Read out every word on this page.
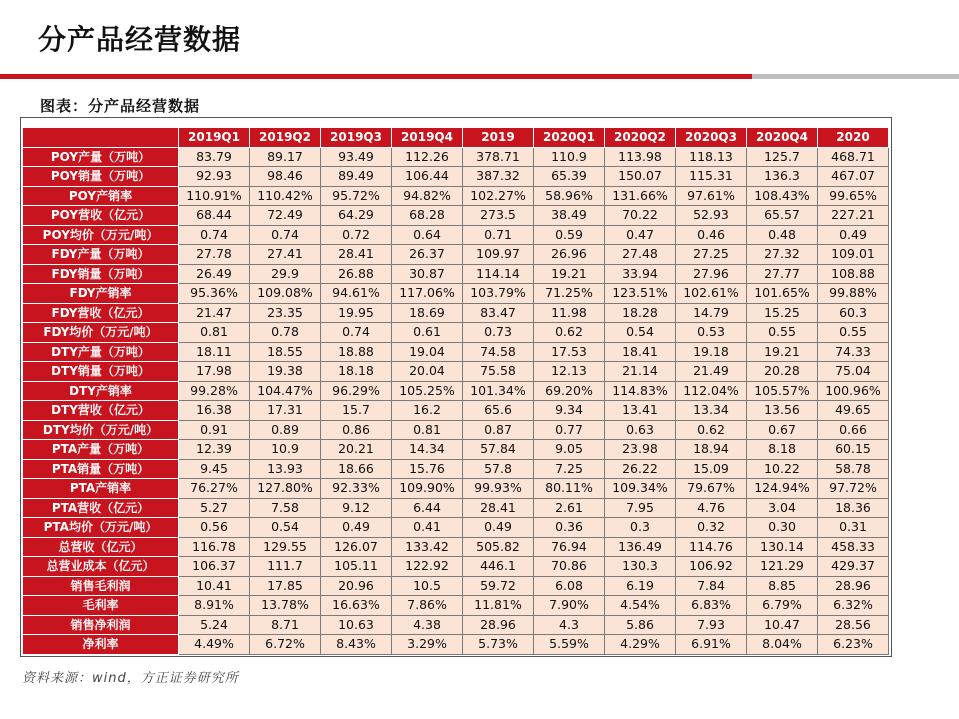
分产品经营数据
图表：分产品经营数据
	2019Q1	2019Q2	2019Q3	2019Q4	2019	2020Q1	2020Q2	2020Q3	2020Q4	2020
POY产量（万吨）	83.79	89.17	93.49	112.26	378.71	110.9	113.98	118.13	125.7	468.71
POY销量（万吨）	92.93	98.46	89.49	106.44	387.32	65.39	150.07	115.31	136.3	467.07
POY产销率	110.91%	110.42%	95.72%	94.82%	102.27%	58.96%	131.66%	97.61%	108.43%	99.65%
POY营收（亿元）	68.44	72.49	64.29	68.28	273.5	38.49	70.22	52.93	65.57	227.21
POY均价（万元/吨）	0.74	0.74	0.72	0.64	0.71	0.59	0.47	0.46	0.48	0.49
FDY产量（万吨）	27.78	27.41	28.41	26.37	109.97	26.96	27.48	27.25	27.32	109.01
FDY销量（万吨）	26.49	29.9	26.88	30.87	114.14	19.21	33.94	27.96	27.77	108.88
FDY产销率	95.36%	109.08%	94.61%	117.06%	103.79%	71.25%	123.51%	102.61%	101.65%	99.88%
FDY营收（亿元）	21.47	23.35	19.95	18.69	83.47	11.98	18.28	14.79	15.25	60.3
FDY均价（万元/吨）	0.81	0.78	0.74	0.61	0.73	0.62	0.54	0.53	0.55	0.55
DTY产量（万吨）	18.11	18.55	18.88	19.04	74.58	17.53	18.41	19.18	19.21	74.33
DTY销量（万吨）	17.98	19.38	18.18	20.04	75.58	12.13	21.14	21.49	20.28	75.04
DTY产销率	99.28%	104.47%	96.29%	105.25%	101.34%	69.20%	114.83%	112.04%	105.57%	100.96%
DTY营收（亿元）	16.38	17.31	15.7	16.2	65.6	9.34	13.41	13.34	13.56	49.65
DTY均价（万元/吨）	0.91	0.89	0.86	0.81	0.87	0.77	0.63	0.62	0.67	0.66
PTA产量（万吨）	12.39	10.9	20.21	14.34	57.84	9.05	23.98	18.94	8.18	60.15
PTA销量（万吨）	9.45	13.93	18.66	15.76	57.8	7.25	26.22	15.09	10.22	58.78
PTA产销率	76.27%	127.80%	92.33%	109.90%	99.93%	80.11%	109.34%	79.67%	124.94%	97.72%
PTA营收（亿元）	5.27	7.58	9.12	6.44	28.41	2.61	7.95	4.76	3.04	18.36
PTA均价（万元/吨）	0.56	0.54	0.49	0.41	0.49	0.36	0.3	0.32	0.30	0.31
总营收（亿元）	116.78	129.55	126.07	133.42	505.82	76.94	136.49	114.76	130.14	458.33
总营业成本（亿元）	106.37	111.7	105.11	122.92	446.1	70.86	130.3	106.92	121.29	429.37
销售毛利润	10.41	17.85	20.96	10.5	59.72	6.08	6.19	7.84	8.85	28.96
毛利率	8.91%	13.78%	16.63%	7.86%	11.81%	7.90%	4.54%	6.83%	6.79%	6.32%
销售净利润	5.24	8.71	10.63	4.38	28.96	4.3	5.86	7.93	10.47	28.56
净利率	4.49%	6.72%	8.43%	3.29%	5.73%	5.59%	4.29%	6.91%	8.04%	6.23%
资料来源：wind，方正证券研究所
